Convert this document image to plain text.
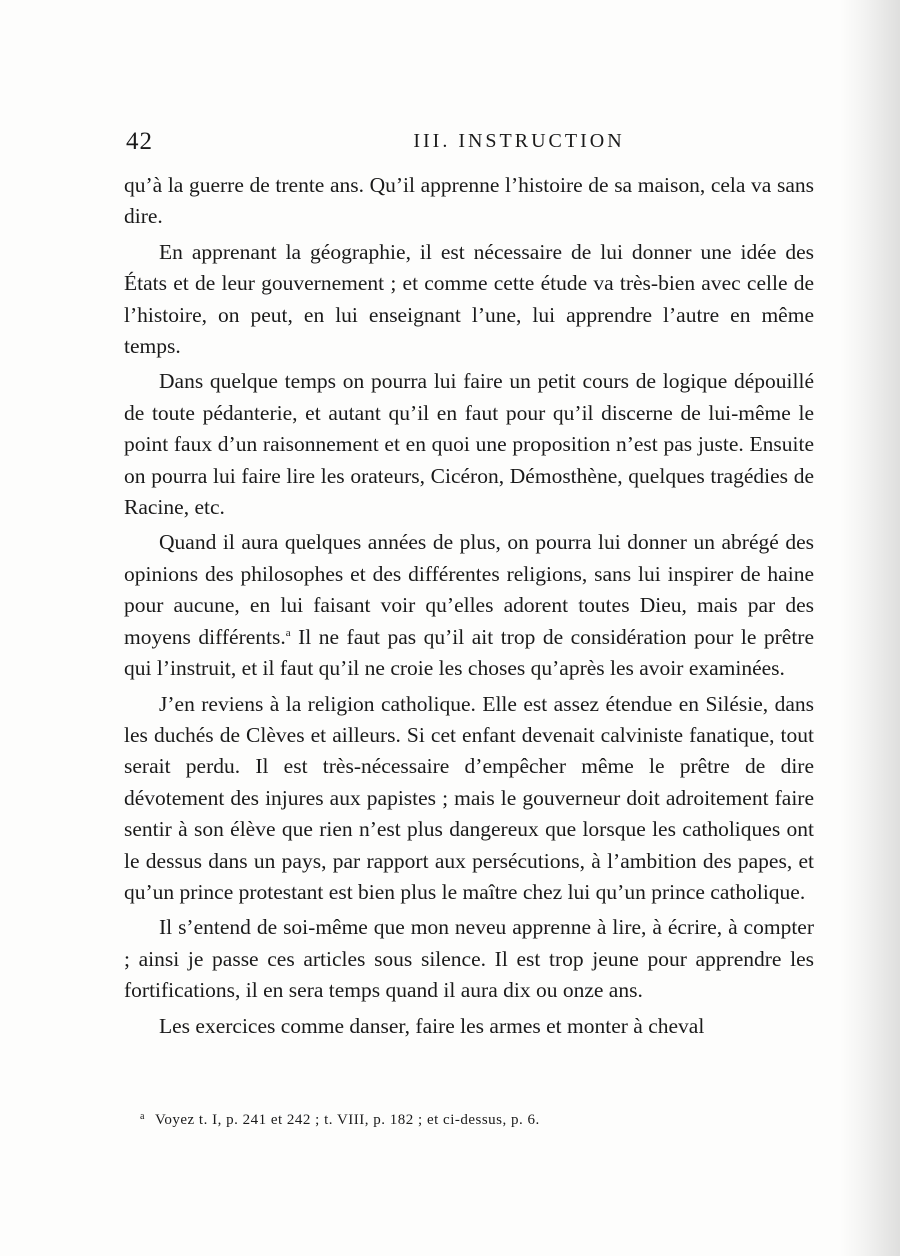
42	III. INSTRUCTION

qu’à la guerre de trente ans. Qu’il apprenne l’histoire de sa maison, cela va sans dire.

En apprenant la géographie, il est nécessaire de lui donner une idée des États et de leur gouvernement ; et comme cette étude va très-bien avec celle de l’histoire, on peut, en lui enseignant l’une, lui apprendre l’autre en même temps.

Dans quelque temps on pourra lui faire un petit cours de logique dépouillé de toute pédanterie, et autant qu’il en faut pour qu’il discerne de lui-même le point faux d’un raisonnement et en quoi une proposition n’est pas juste. Ensuite on pourra lui faire lire les orateurs, Cicéron, Démosthène, quelques tragédies de Racine, etc.

Quand il aura quelques années de plus, on pourra lui donner un abrégé des opinions des philosophes et des différentes religions, sans lui inspirer de haine pour aucune, en lui faisant voir qu’elles adorent toutes Dieu, mais par des moyens différents.$^a$ Il ne faut pas qu’il ait trop de considération pour le prêtre qui l’instruit, et il faut qu’il ne croie les choses qu’après les avoir examinées.

J’en reviens à la religion catholique. Elle est assez étendue en Silésie, dans les duchés de Clèves et ailleurs. Si cet enfant devenait calviniste fanatique, tout serait perdu. Il est très-nécessaire d’empêcher même le prêtre de dire dévotement des injures aux papistes ; mais le gouverneur doit adroitement faire sentir à son élève que rien n’est plus dangereux que lorsque les catholiques ont le dessus dans un pays, par rapport aux persécutions, à l’ambition des papes, et qu’un prince protestant est bien plus le maître chez lui qu’un prince catholique.

Il s’entend de soi-même que mon neveu apprenne à lire, à écrire, à compter ; ainsi je passe ces articles sous silence. Il est trop jeune pour apprendre les fortifications, il en sera temps quand il aura dix ou onze ans.

Les exercices comme danser, faire les armes et monter à cheval

$^a$ Voyez t. I, p. 241 et 242 ; t. VIII, p. 182 ; et ci-dessus, p. 6.
